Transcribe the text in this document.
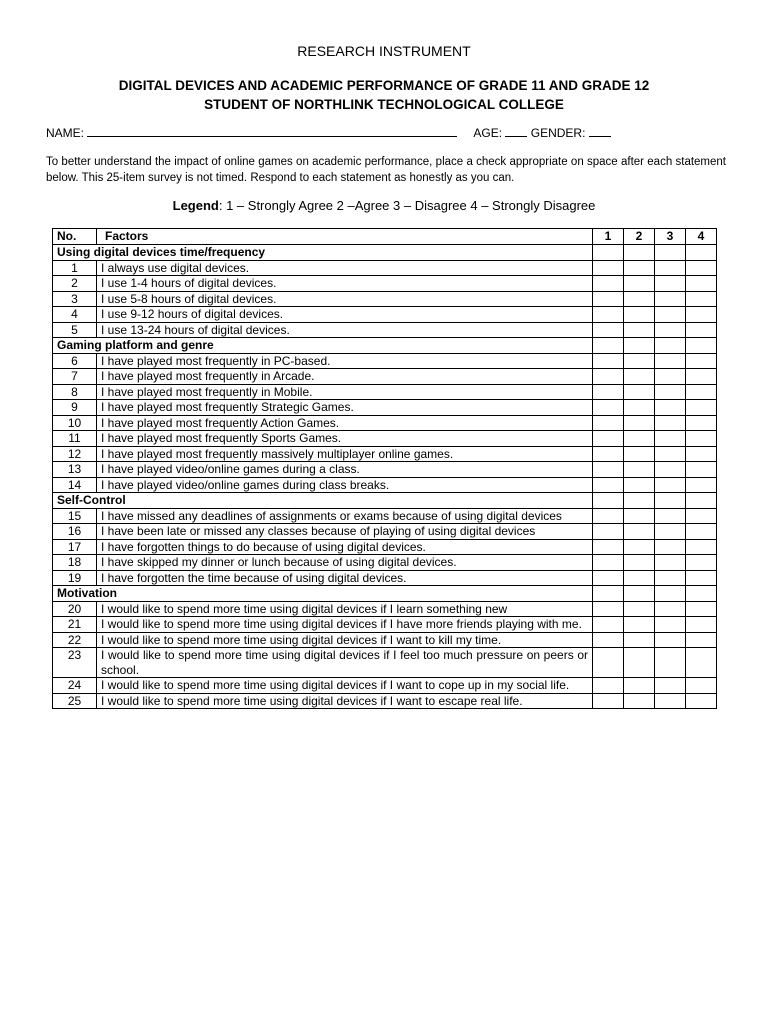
RESEARCH INSTRUMENT
DIGITAL DEVICES AND ACADEMIC PERFORMANCE OF GRADE 11 AND GRADE 12
STUDENT OF NORTHLINK TECHNOLOGICAL COLLEGE
NAME:	AGE: GENDER:
To better understand the impact of online games on academic performance, place a check appropriate on space after each statement below. This 25-item survey is not timed. Respond to each statement as honestly as you can.
Legend: 1 – Strongly Agree 2 –Agree 3 – Disagree 4 – Strongly Disagree
No.	Factors	1	2	3	4
Using digital devices time/frequency					
1	I always use digital devices.				
2	I use 1-4 hours of digital devices.				
3	I use 5-8 hours of digital devices.				
4	I use 9-12 hours of digital devices.				
5	I use 13-24 hours of digital devices.				
Gaming platform and genre					
6	I have played most frequently in PC-based.				
7	I have played most frequently in Arcade.				
8	I have played most frequently in Mobile.				
9	I have played most frequently Strategic Games.				
10	I have played most frequently Action Games.				
11	I have played most frequently Sports Games.				
12	I have played most frequently massively multiplayer online games.				
13	I have played video/online games during a class.				
14	I have played video/online games during class breaks.				
Self-Control					
15	I have missed any deadlines of assignments or exams because of using digital devices				
16	I have been late or missed any classes because of playing of using digital devices				
17	I have forgotten things to do because of using digital devices.				
18	I have skipped my dinner or lunch because of using digital devices.				
19	I have forgotten the time because of using digital devices.				
Motivation					
20	I would like to spend more time using digital devices if I learn something new				
21	I would like to spend more time using digital devices if I have more friends playing with me.				
22	I would like to spend more time using digital devices if I want to kill my time.				
23	I would like to spend more time using digital devices if I feel too much pressure on peers or school.				
24	I would like to spend more time using digital devices if I want to cope up in my social life.				
25	I would like to spend more time using digital devices if I want to escape real life.				
